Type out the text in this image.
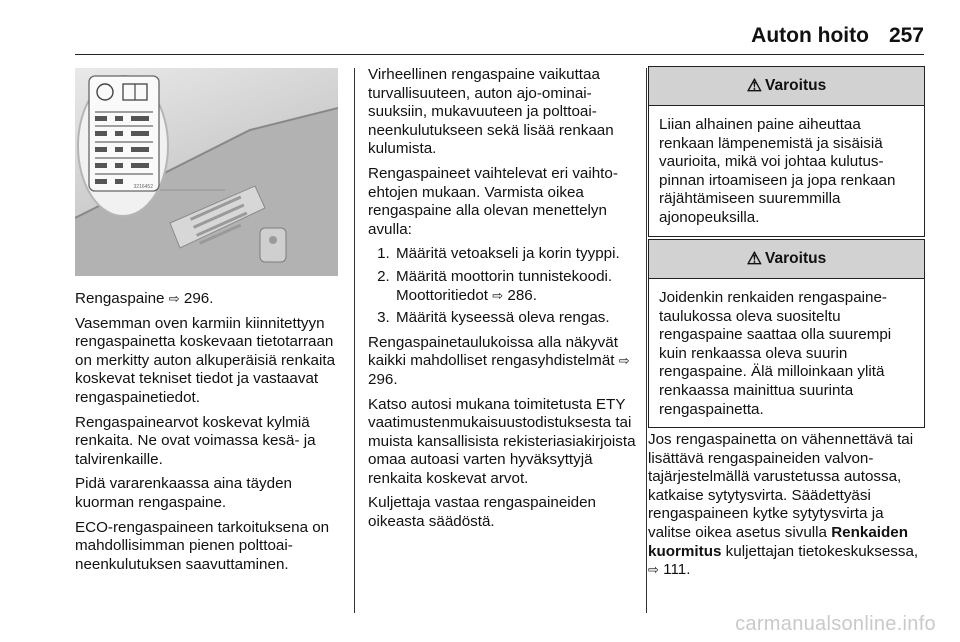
Auton hoito 257
3216452

Rengaspaine ⇨ 296.

Vasemman oven karmiin kiinnitettyyn rengaspainetta koskevaan tietotarraan on merkitty auton alkuperäisiä renkaita koskevat tekniset tiedot ja vastaavat rengaspainetiedot.

Rengaspainearvot koskevat kylmiä renkaita. Ne ovat voimassa kesä- ja talvirenkaille.

Pidä vararenkaassa aina täyden kuorman rengaspaine.

ECO-rengaspaineen tarkoituksena on mahdollisimman pienen polttoaineenkulutuksen saavuttaminen.

Virheellinen rengaspaine vaikuttaa turvallisuuteen, auton ajo-ominaisuuksiin, mukavuuteen ja polttoaineenkulutukseen sekä lisää renkaan kulumista.

Rengaspaineet vaihtelevat eri vaihtoehtojen mukaan. Varmista oikea rengaspaine alla olevan menettelyn avulla:

1. Määritä vetoakseli ja korin tyyppi.
2. Määritä moottorin tunnistekoodi. Moottoritiedot ⇨ 286.
3. Määritä kyseessä oleva rengas.

Rengaspainetaulukoissa alla näkyvät kaikki mahdolliset rengasyhdistelmät ⇨ 296.

Katso autosi mukana toimitetusta ETY vaatimustenmukaisuustodistuksesta tai muista kansallisista rekisteriasiakirjoista omaa autoasi varten hyväksyttyjä renkaita koskevat arvot.

Kuljettaja vastaa rengaspaineiden oikeasta säädöstä.

⚠ Varoitus
Liian alhainen paine aiheuttaa renkaan lämpenemistä ja sisäisiä vaurioita, mikä voi johtaa kulutuspinnan irtoamiseen ja jopa renkaan räjähtämiseen suuremmilla ajonopeuksilla.
⚠ Varoitus
Joidenkin renkaiden rengaspainetaulukossa oleva suositeltu rengaspaine saattaa olla suurempi kuin renkaassa oleva suurin rengaspaine. Älä milloinkaan ylitä renkaassa mainittua suurinta rengaspainetta.

Jos rengaspainetta on vähennettävä tai lisättävä rengaspaineiden valvontajärjestelmällä varustetussa autossa, katkaise sytytysvirta. Säädettyäsi rengaspaineen kytke sytytysvirta ja valitse oikea asetus sivulla Renkaiden kuormitus kuljettajan tietokeskuksessa, ⇨ 111.

carmanualsonline.info
